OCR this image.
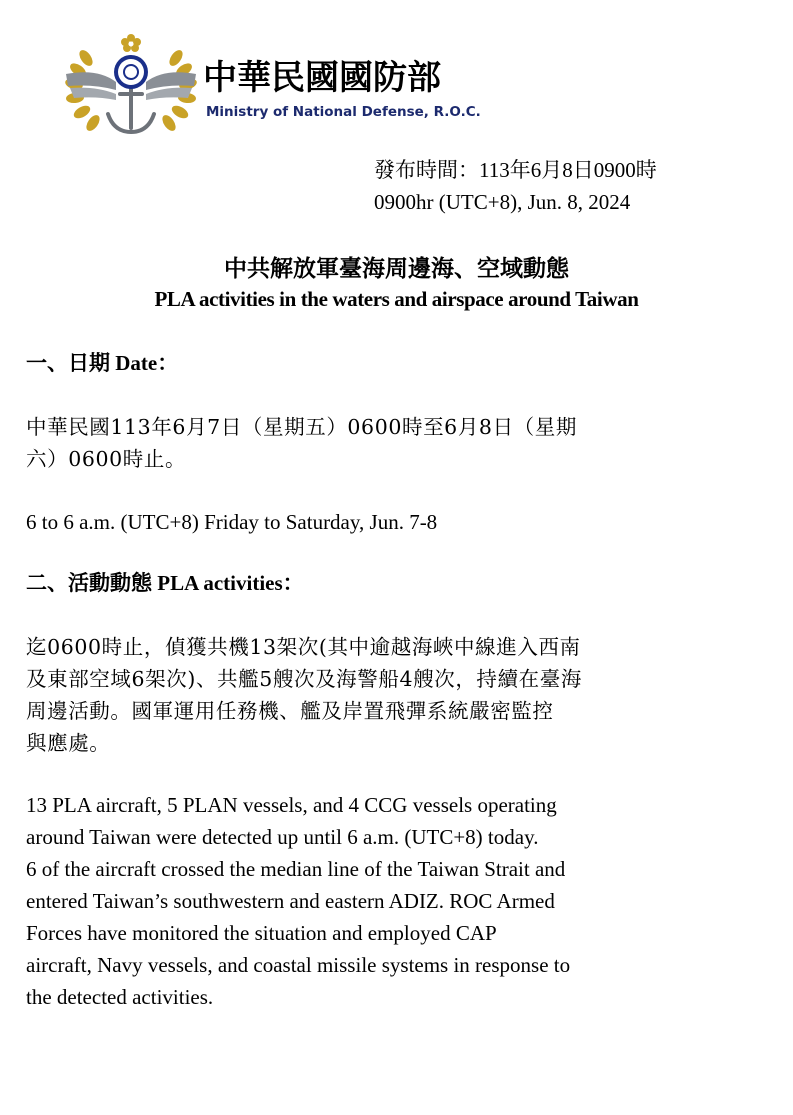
中華民國國防部
Ministry of National Defense, R.O.C.
發布時間：113年6月8日0900時
0900hr (UTC+8), Jun. 8, 2024
中共解放軍臺海周邊海、空域動態
PLA activities in the waters and airspace around Taiwan
一、日期 Date：
中華民國113年6月7日（星期五）0600時至6月8日（星期
六）0600時止。
6 to 6 a.m. (UTC+8) Friday to Saturday, Jun. 7-8
二、活動動態 PLA activities：
迄0600時止，偵獲共機13架次(其中逾越海峽中線進入西南
及東部空域6架次)、共艦5艘次及海警船4艘次，持續在臺海
周邊活動。國軍運用任務機、艦及岸置飛彈系統嚴密監控
與應處。
13 PLA aircraft, 5 PLAN vessels, and 4 CCG vessels operating
around Taiwan were detected up until 6 a.m. (UTC+8) today.
6 of the aircraft crossed the median line of the Taiwan Strait and
entered Taiwan’s southwestern and eastern ADIZ. ROC Armed
Forces have monitored the situation and employed CAP
aircraft, Navy vessels, and coastal missile systems in response to
the detected activities.
